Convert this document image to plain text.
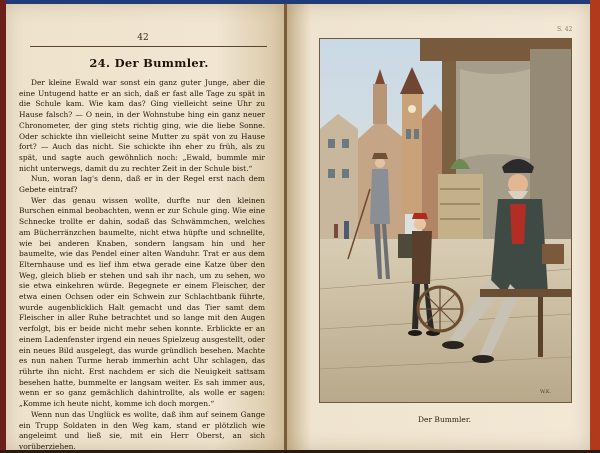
42
24. Der Bummler.

Der kleine Ewald war sonst ein ganz guter Junge, aber die eine Untugend hatte er an sich, daß er fast alle Tage zu spät in die Schule kam. Wie kam das? Ging vielleicht seine Uhr zu Hause falsch? — O nein, in der Wohnstube hing ein ganz neuer Chronometer, der ging stets richtig ging, wie die liebe Sonne. Oder schickte ihn vielleicht seine Mutter zu spät von zu Hause fort? — Auch das nicht. Sie schickte ihn eher zu früh, als zu spät, und sagte auch gewöhnlich noch: „Ewald, bummle mir nicht unterwegs, damit du zu rechter Zeit in der Schule bist.“

Nun, woran lag's denn, daß er in der Regel erst nach dem Gebete eintraf?

Wer das genau wissen wollte, durfte nur den kleinen Burschen einmal beobachten, wenn er zur Schule ging. Wie eine Schnecke trollte er dahin, sodaß das Schwämmchen, welches am Bücherränzchen baumelte, nicht etwa hüpfte und schnellte, wie bei anderen Knaben, sondern langsam hin und her baumelte, wie das Pendel einer alten Wanduhr. Trat er aus dem Elternhause und es lief ihm etwa gerade eine Katze über den Weg, gleich blieb er stehen und sah ihr nach, um zu sehen, wo sie etwa einkehren würde. Begegnete er einem Fleischer, der etwa einen Ochsen oder ein Schwein zur Schlachtbank führte, wurde augenblicklich Halt gemacht und das Tier samt dem Fleischer in aller Ruhe betrachtet und so lange mit den Augen verfolgt, bis er beide nicht mehr sehen konnte. Erblickte er an einem Ladenfenster irgend ein neues Spielzeug ausgestellt, oder ein neues Bild ausgelegt, das wurde gründlich besehen. Machte es nun nahen Turme herab immerhin acht Uhr schlagen, das rührte ihn nicht. Erst nachdem er sich die Neuigkeit sattsam besehen hatte, bummelte er langsam weiter. Es sah immer aus, wenn er so ganz gemächlich dahintrollte, als wolle er sagen: „Komme ich heute nicht, komme ich doch morgen.“

Wenn nun das Unglück es wollte, daß ihm auf seinem Gange ein Trupp Soldaten in den Weg kam, stand er plötzlich wie angeleimt und ließ sie, mit ein Herr Oberst, an sich vorüberziehen.

S. 42
W.K.
Der Bummler.
